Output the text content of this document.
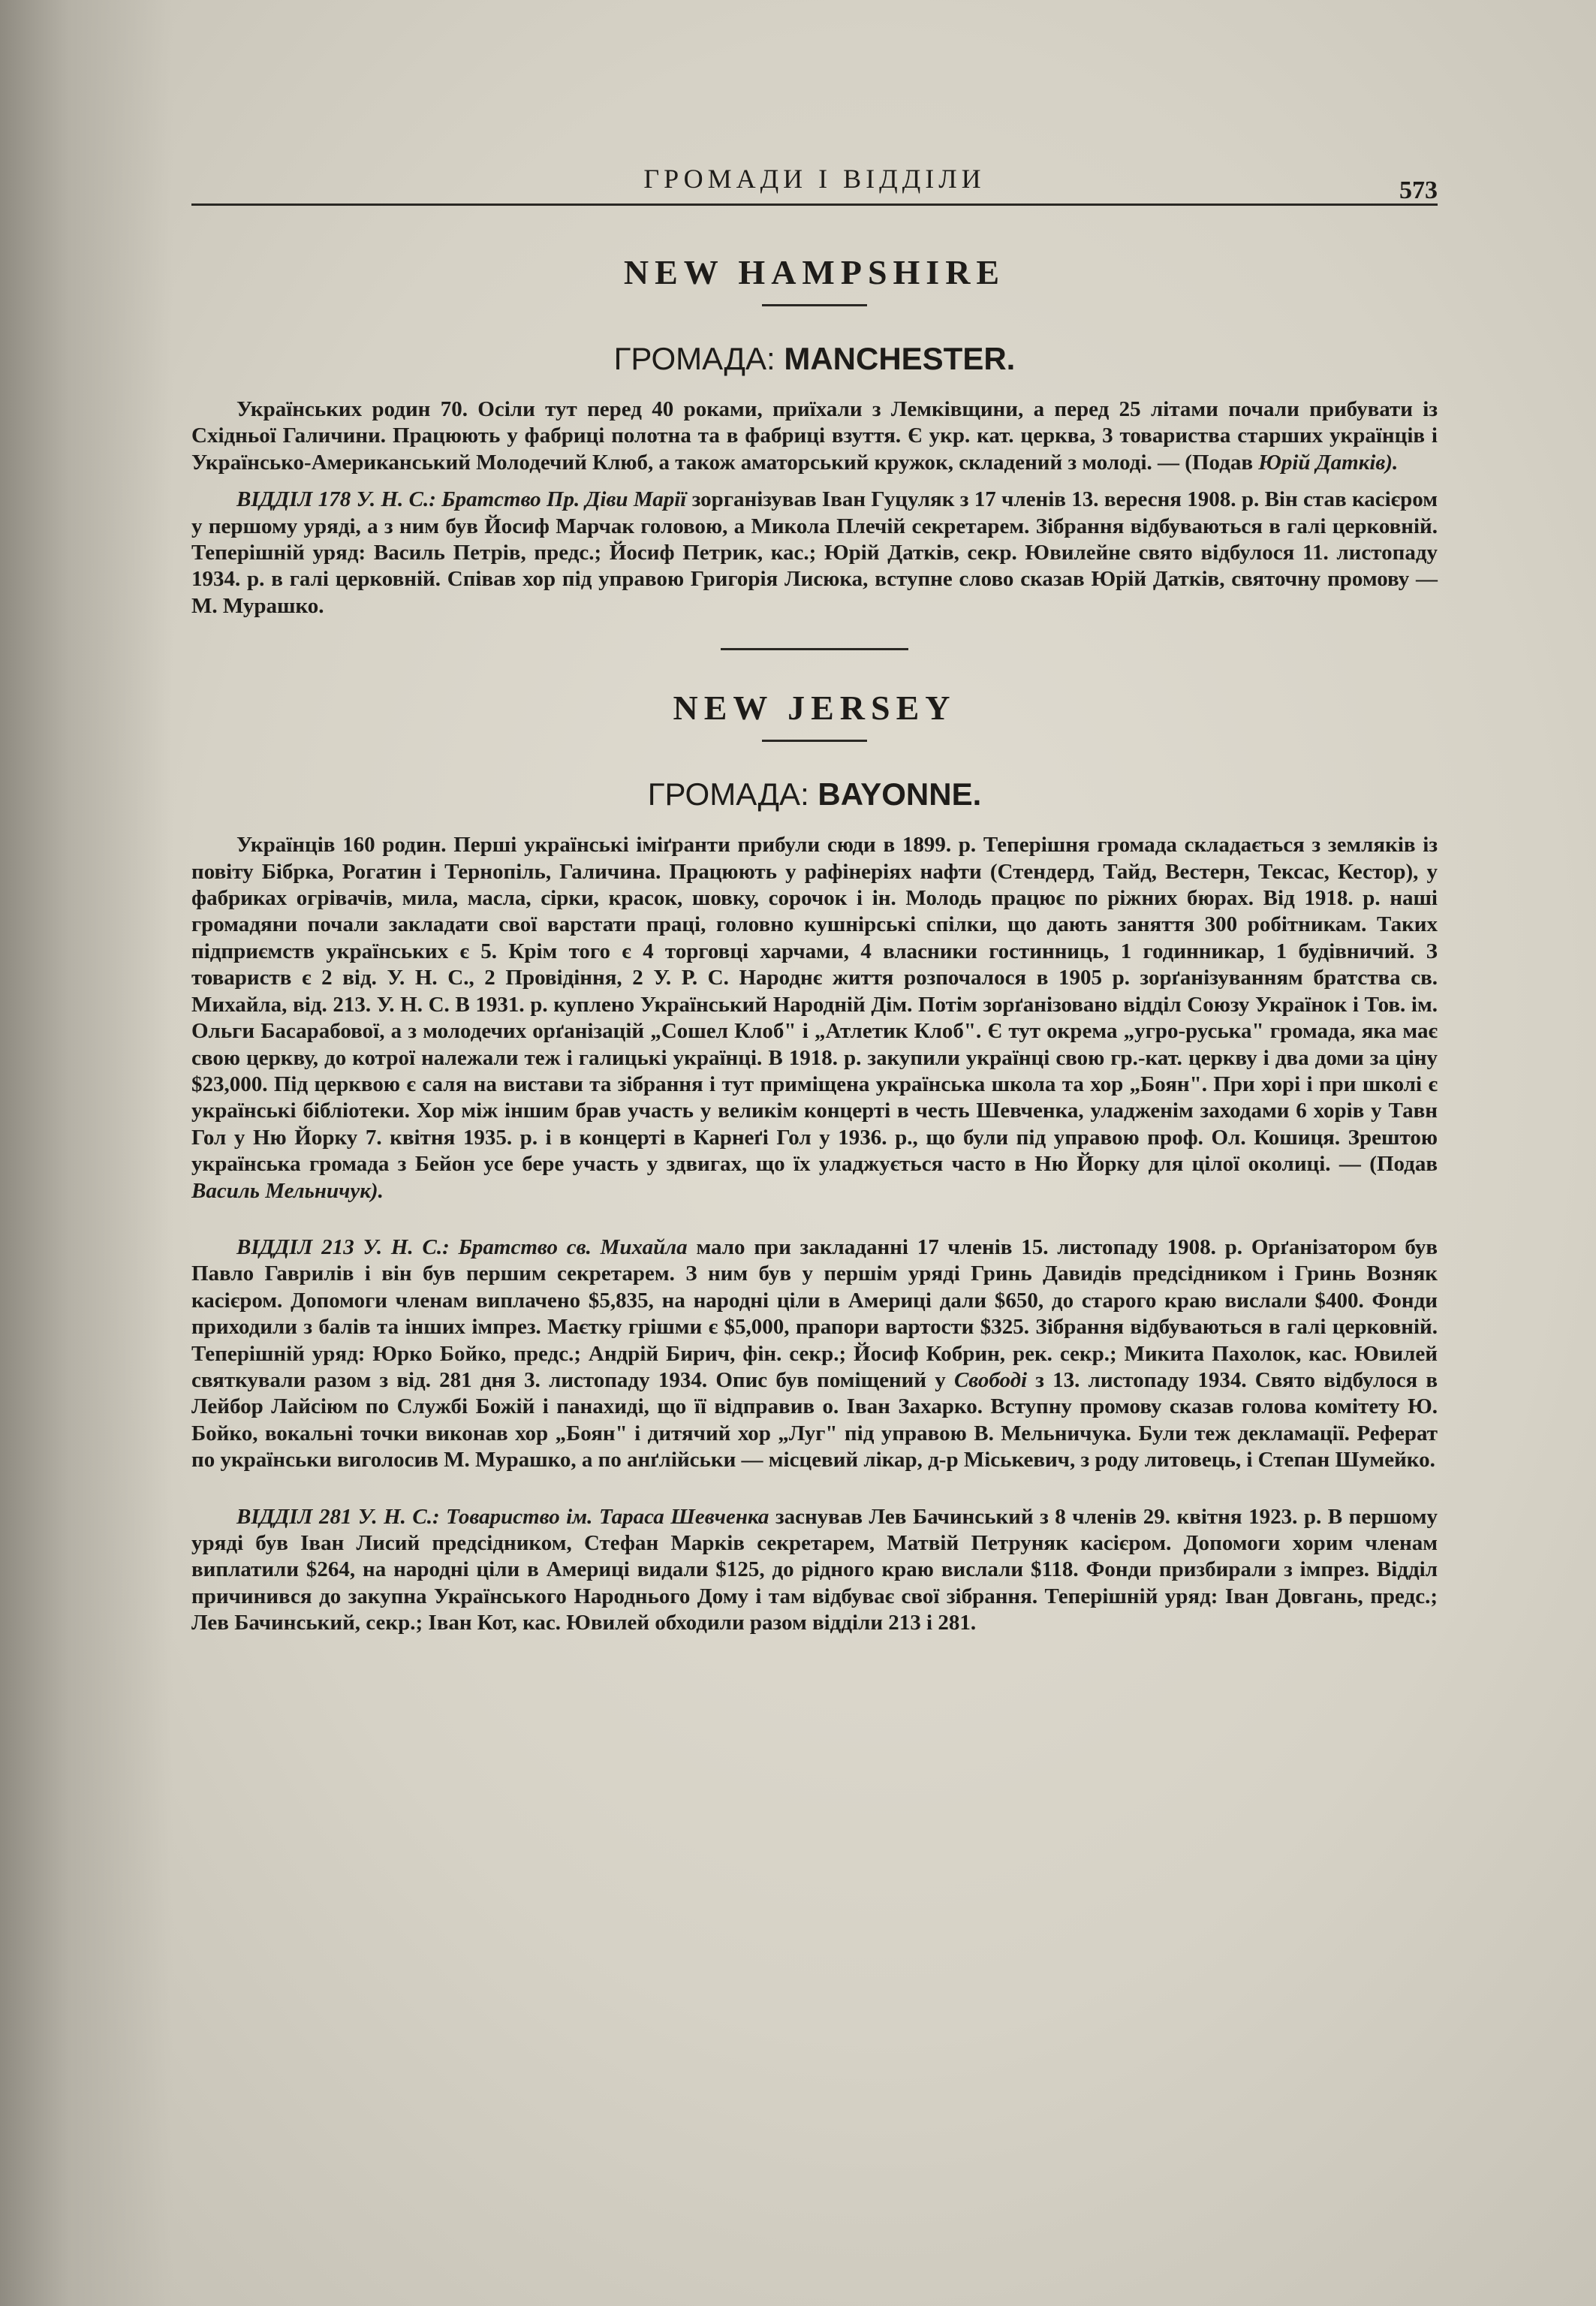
ГРОМАДИ І ВІДДІЛИ	573
NEW HAMPSHIRE
ГРОМАДА: MANCHESTER.

Українських родин 70. Осіли тут перед 40 роками, приїхали з Лемківщини, а перед 25 літами почали прибувати із Східньої Галичини. Працюють у фабриці полотна та в фабриці взуття. Є укр. кат. церква, 3 товариства старших українців і Українсько-Американський Молодечий Клюб, а також аматорський кружок, складений з молоді. — (Подав Юрій Датків).

ВІДДІЛ 178 У. Н. С.: Братство Пр. Діви Марії зорганізував Іван Гуцуляк з 17 членів 13. вересня 1908. р. Він став касієром у першому уряді, а з ним був Йосиф Марчак головою, а Микола Плечій секретарем. Зібрання відбуваються в галі церковній. Теперішній уряд: Василь Петрів, предс.; Йосиф Петрик, кас.; Юрій Датків, секр. Ювилейне свято відбулося 11. листопаду 1934. р. в галі церковній. Співав хор під управою Григорія Лисюка, вступне слово сказав Юрій Датків, святочну промову — М. Мурашко.

NEW JERSEY
ГРОМАДА: BAYONNE.

Українців 160 родин. Перші українські іміґранти прибули сюди в 1899. р. Теперішня громада складається з земляків із повіту Бібрка, Рогатин і Тернопіль, Галичина. Працюють у рафінеріях нафти (Стендерд, Тайд, Вестерн, Тексас, Кестор), у фабриках огрівачів, мила, масла, сірки, красок, шовку, сорочок і ін. Молодь працює по ріжних бюрах. Від 1918. р. наші громадяни почали закладати свої варстати праці, головно кушнірські спілки, що дають заняття 300 робітникам. Таких підприємств українських є 5. Крім того є 4 торговці харчами, 4 власники гостинниць, 1 годинникар, 1 будівничий. З товариств є 2 від. У. Н. С., 2 Провідіння, 2 У. Р. С. Народнє життя розпочалося в 1905 р. зорґанізуванням братства св. Михайла, від. 213. У. Н. С. В 1931. р. куплено Український Народній Дім. Потім зорґанізовано відділ Союзу Українок і Тов. ім. Ольги Басарабової, а з молодечих орґанізацій „Сошел Клоб" і „Атлетик Клоб". Є тут окрема „угро-руська" громада, яка має свою церкву, до котрої належали теж і галицькі українці. В 1918. р. закупили українці свою гр.-кат. церкву і два доми за ціну $23,000. Під церквою є саля на вистави та зібрання і тут приміщена українська школа та хор „Боян". При хорі і при школі є українські бібліотеки. Хор між іншим брав участь у великім концерті в честь Шевченка, уладженім заходами 6 хорів у Тавн Гол у Ню Йорку 7. квітня 1935. р. і в концерті в Карнеґі Гол у 1936. р., що були під управою проф. Ол. Кошиця. Зрештою українська громада з Бейон усе бере участь у здвигах, що їх уладжується часто в Ню Йорку для цілої околиці. — (Подав Василь Мельничук).

ВІДДІЛ 213 У. Н. С.: Братство св. Михайла мало при закладанні 17 членів 15. листопаду 1908. р. Орґанізатором був Павло Гаврилів і він був першим секретарем. З ним був у першім уряді Гринь Давидів предсідником і Гринь Возняк касієром. Допомоги членам виплачено $5,835, на народні ціли в Америці дали $650, до старого краю вислали $400. Фонди приходили з балів та інших імпрез. Маєтку грішми є $5,000, прапори вартости $325. Зібрання відбуваються в галі церковній. Теперішній уряд: Юрко Бойко, предс.; Андрій Бирич, фін. секр.; Йосиф Кобрин, рек. секр.; Микита Пахолок, кас. Ювилей святкували разом з від. 281 дня 3. листопаду 1934. Опис був поміщений у Свободі з 13. листопаду 1934. Свято відбулося в Лейбор Лайсіюм по Службі Божій і панахиді, що її відправив о. Іван Захарко. Вступну промову сказав голова комітету Ю. Бойко, вокальні точки виконав хор „Боян" і дитячий хор „Луг" під управою В. Мельничука. Були теж декламації. Реферат по українськи виголосив М. Мурашко, а по анґлійськи — місцевий лікар, д-р Міськевич, з роду литовець, і Степан Шумейко.

ВІДДІЛ 281 У. Н. С.: Товариство ім. Тараса Шевченка заснував Лев Бачинський з 8 членів 29. квітня 1923. р. В першому уряді був Іван Лисий предсідником, Стефан Марків секретарем, Матвій Петруняк касієром. Допомоги хорим членам виплатили $264, на народні ціли в Америці видали $125, до рідного краю вислали $118. Фонди призбирали з імпрез. Відділ причинився до закупна Українського Народнього Дому і там відбуває свої зібрання. Теперішній уряд: Іван Довгань, предс.; Лев Бачинський, секр.; Іван Кот, кас. Ювилей обходили разом відділи 213 і 281.
